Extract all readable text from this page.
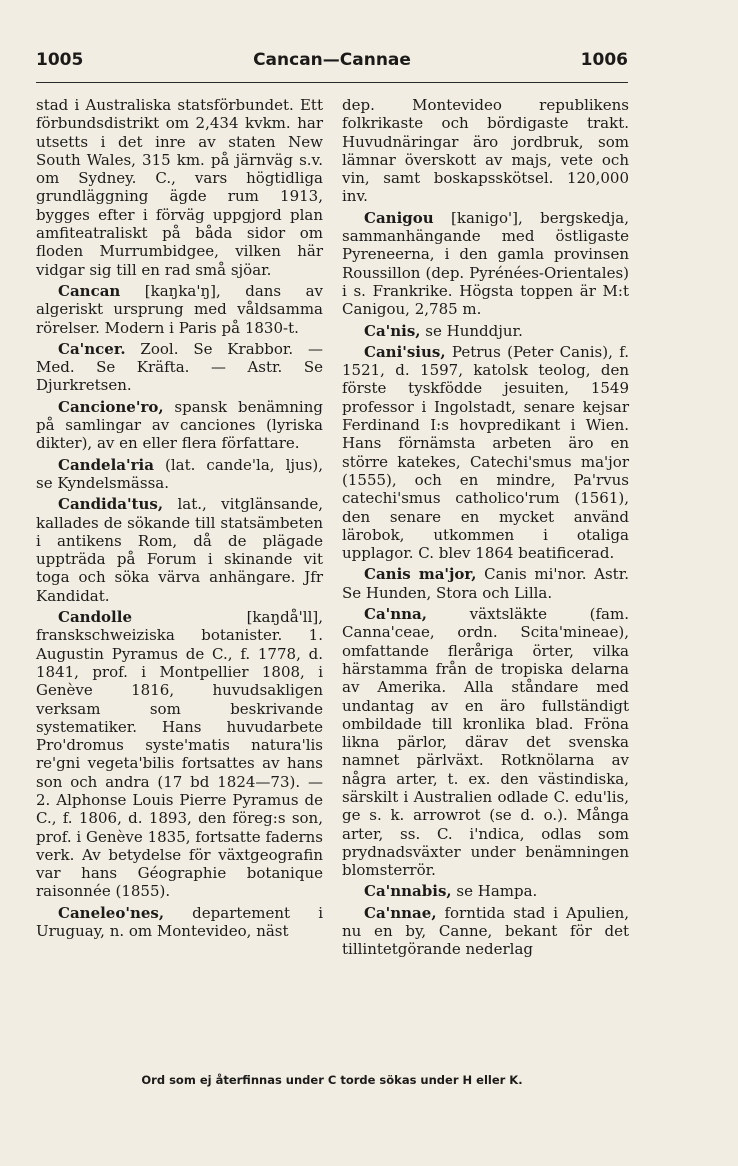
1005	Cancan—Cannae	1006

stad i Australiska statsförbundet. Ett förbundsdistrikt om 2,434 kvkm. har utsetts i det inre av staten New South Wales, 315 km. på järnväg s.v. om Sydney. C., vars högtidliga grundläggning ägde rum 1913, bygges efter i förväg uppgjord plan amfiteatraliskt på båda sidor om floden Murrumbidgee, vilken här vidgar sig till en rad små sjöar.

Cancan [kaŋka'ŋ], dans av algeriskt ursprung med våldsamma rörelser. Modern i Paris på 1830-t.

Ca'ncer. Zool. Se Krabbor. — Med. Se Kräfta. — Astr. Se Djurkretsen.

Cancione'ro, spansk benämning på samlingar av canciones (lyriska dikter), av en eller flera författare.

Candela'ria (lat. cande'la, ljus), se Kyndelsmässa.

Candida'tus, lat., vitglänsande, kallades de sökande till statsämbeten i antikens Rom, då de plägade uppträda på Forum i skinande vit toga och söka värva anhängare. Jfr Kandidat.

Candolle [kaŋdå'll], franskschweiziska botanister. 1. Augustin Pyramus de C., f. 1778, d. 1841, prof. i Montpellier 1808, i Genève 1816, huvudsakligen verksam som beskrivande systematiker. Hans huvudarbete Pro'dromus syste'matis natura'lis re'gni vegeta'bilis fortsattes av hans son och andra (17 bd 1824—73). — 2. Alphonse Louis Pierre Pyramus de C., f. 1806, d. 1893, den föreg:s son, prof. i Genève 1835, fortsatte faderns verk. Av betydelse för växtgeografin var hans Géographie botanique raisonnée (1855).

Caneleo'nes, departement i Uruguay, n. om Montevideo, näst

dep. Montevideo republikens folkrikaste och bördigaste trakt. Huvudnäringar äro jordbruk, som lämnar överskott av majs, vete och vin, samt boskapsskötsel. 120,000 inv.

Canigou [kanigo'], bergskedja, sammanhängande med östligaste Pyreneerna, i den gamla provinsen Roussillon (dep. Pyrénées-Orientales) i s. Frankrike. Högsta toppen är M:t Canigou, 2,785 m.

Ca'nis, se Hunddjur.

Cani'sius, Petrus (Peter Canis), f. 1521, d. 1597, katolsk teolog, den förste tyskfödde jesuiten, 1549 professor i Ingolstadt, senare kejsar Ferdinand I:s hovpredikant i Wien. Hans förnämsta arbeten äro en större katekes, Catechi'smus ma'jor (1555), och en mindre, Pa'rvus catechi'smus catholico'rum (1561), den senare en mycket använd lärobok, utkommen i otaliga upplagor. C. blev 1864 beatificerad.

Canis ma'jor, Canis mi'nor. Astr. Se Hunden, Stora och Lilla.

Ca'nna, växtsläkte (fam. Canna'ceae, ordn. Scita'mineae), omfattande fleråriga örter, vilka härstamma från de tropiska delarna av Amerika. Alla ståndare med undantag av en äro fullständigt ombildade till kronlika blad. Fröna likna pärlor, därav det svenska namnet pärlväxt. Rotknölarna av några arter, t. ex. den västindiska, särskilt i Australien odlade C. edu'lis, ge s. k. arrowrot (se d. o.). Många arter, ss. C. i'ndica, odlas som prydnadsväxter under benämningen blomsterrör.

Ca'nnabis, se Hampa.

Ca'nnae, forntida stad i Apulien, nu en by, Canne, bekant för det tillintetgörande nederlag

Ord som ej återfinnas under C torde sökas under H eller K.
